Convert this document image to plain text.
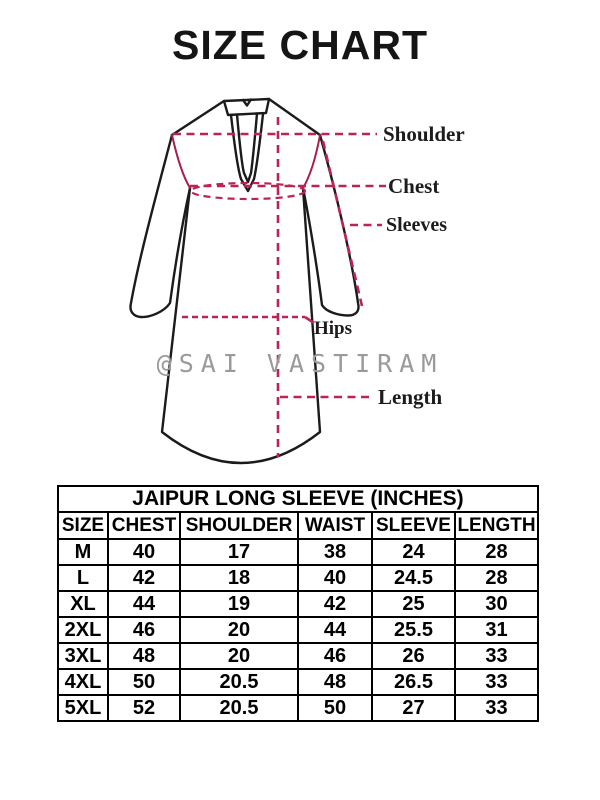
SIZE CHART
Shoulder
Chest
Sleeves
Hips
Length
@SAI VASTIRAM
JAIPUR LONG SLEEVE (INCHES)					
SIZE	CHEST	SHOULDER	WAIST	SLEEVE	LENGTH
M	40	17	38	24	28
L	42	18	40	24.5	28
XL	44	19	42	25	30
2XL	46	20	44	25.5	31
3XL	48	20	46	26	33
4XL	50	20.5	48	26.5	33
5XL	52	20.5	50	27	33
